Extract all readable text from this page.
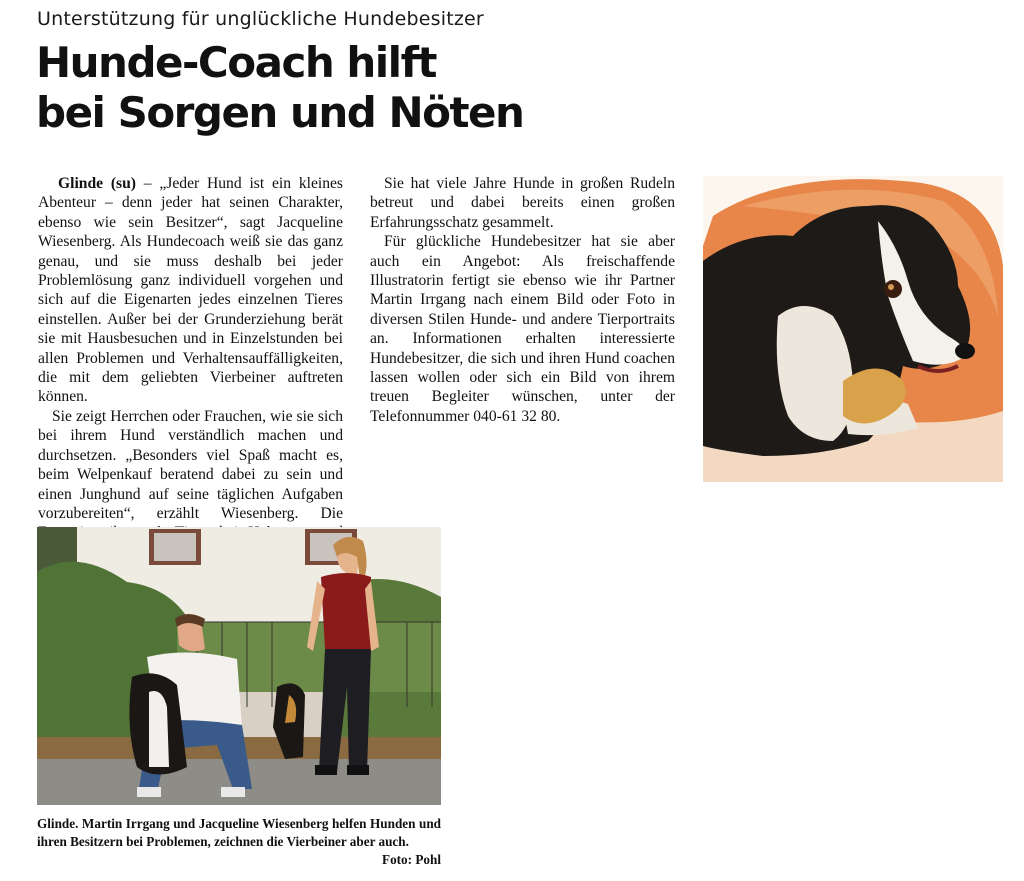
Unterstützung für unglückliche Hundebesitzer
Hunde-Coach hilft
bei Sorgen und Nöten

Glinde (su) – „Jeder Hund ist ein kleines Abenteur – denn jeder hat seinen Charakter, ebenso wie sein Besitzer“, sagt Jacqueline Wiesenberg. Als Hundecoach weiß sie das ganz genau, und sie muss deshalb bei jeder Problemlösung ganz individuell vorgehen und sich auf die Eigenarten jedes einzelnen Tieres einstellen. Außer bei der Grunderziehung berät sie mit Hausbesuchen und in Einzelstunden bei allen Problemen und Verhaltensauffälligkeiten, die mit dem geliebten Vierbeiner auftreten können.

Sie zeigt Herrchen oder Frauchen, wie sie sich bei ihrem Hund verständlich machen und durchsetzen. „Besonders viel Spaß macht es, beim Welpenkauf beratend dabei zu sein und einen Junghund auf seine täglichen Aufgaben vorzubereiten“, erzählt Wiesenberg. Die

Sie hat viele Jahre Hunde in großen Rudeln betreut und dabei bereits einen großen Erfahrungsschatz gesammelt.

Für glückliche Hundebesitzer hat sie aber auch ein Angebot: Als freischaffende Illustratorin fertigt sie ebenso wie ihr Partner Martin Irrgang nach einem Bild oder Foto in diversen Stilen Hunde- und andere Tierportraits an. Informationen erhalten interessierte Hundebesitzer, die sich und ihren Hund coachen lassen wollen oder sich ein Bild von ihrem treuen Begleiter wünschen, unter der Telefonnummer 040-61 32 80.

Glinde. Martin Irrgang und Jacqueline Wiesenberg helfen Hunden und ihren Besitzern bei Problemen, zeichnen die Vierbeiner aber auch.
Foto: Pohl
